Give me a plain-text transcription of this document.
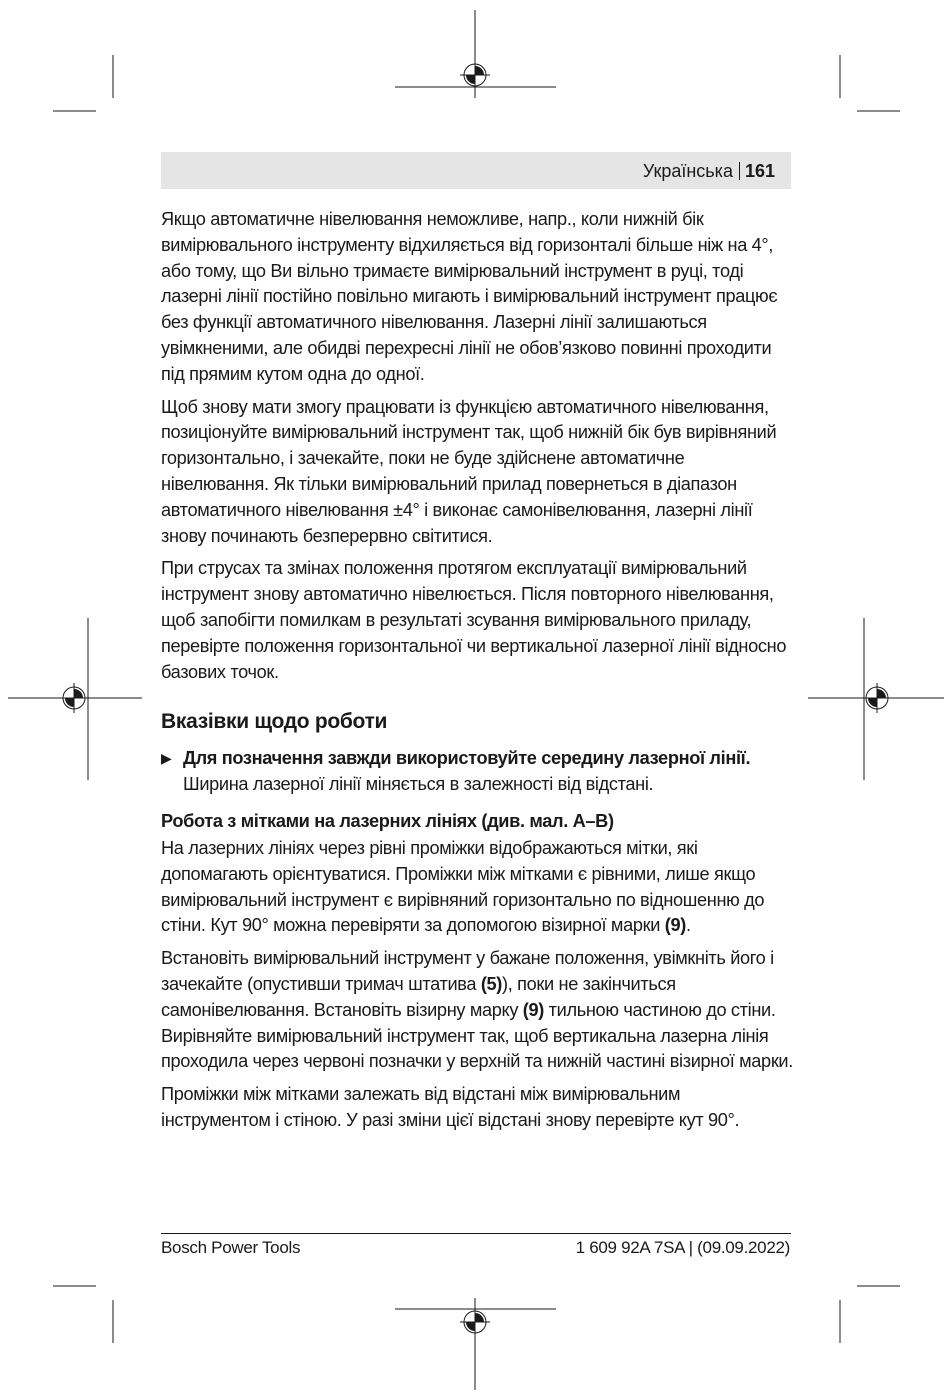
Українська 161

Якщо автоматичне нівелювання неможливе, напр., коли нижній бік вимірювального інструменту відхиляється від горизонталі більше ніж на 4°, або тому, що Ви вільно тримаєте вимірювальний інструмент в руці, тоді лазерні лінії постійно повільно мигають і вимірювальний інструмент працює без функції автоматичного нівелювання. Лазерні лінії залишаються увімкненими, але обидві перехресні лінії не обов’язково повинні проходити під прямим кутом одна до одної.

Щоб знову мати змогу працювати із функцією автоматичного нівелювання, позиціонуйте вимірювальний інструмент так, щоб нижній бік був вирівняний горизонтально, і зачекайте, поки не буде здійснене автоматичне нівелювання. Як тільки вимірювальний прилад повернеться в діапазон автоматичного нівелювання ±4° і виконає самонівелювання, лазерні лінії знову починають безперервно світитися.

При струсах та змінах положення протягом експлуатації вимірювальний інструмент знову автоматично нівелюється. Після повторного нівелювання, щоб запобігти помилкам в результаті зсування вимірювального приладу, перевірте положення горизонтальної чи вертикальної лазерної лінії відносно базових точок.

Вказівки щодо роботи
▶ Для позначення завжди використовуйте середину лазерної лінії.
Ширина лазерної лінії міняється в залежності від відстані.
Робота з мітками на лазерних лініях (див. мал. A–B)

На лазерних лініях через рівні проміжки відображаються мітки, які допомагають орієнтуватися. Проміжки між мітками є рівними, лише якщо вимірювальний інструмент є вирівняний горизонтально по відношенню до стіни. Кут 90° можна перевіряти за допомогою візирної марки (9).

Встановіть вимірювальний інструмент у бажане положення, увімкніть його і зачекайте (опустивши тримач штатива (5)), поки не закінчиться самонівелювання. Встановіть візирну марку (9) тильною частиною до стіни. Вирівняйте вимірювальний інструмент так, щоб вертикальна лазерна лінія проходила через червоні позначки у верхній та нижній частині візирної марки.

Проміжки між мітками залежать від відстані між вимірювальним інструментом і стіною. У разі зміни цієї відстані знову перевірте кут 90°.

Bosch Power Tools	1 609 92A 7SA | (09.09.2022)
